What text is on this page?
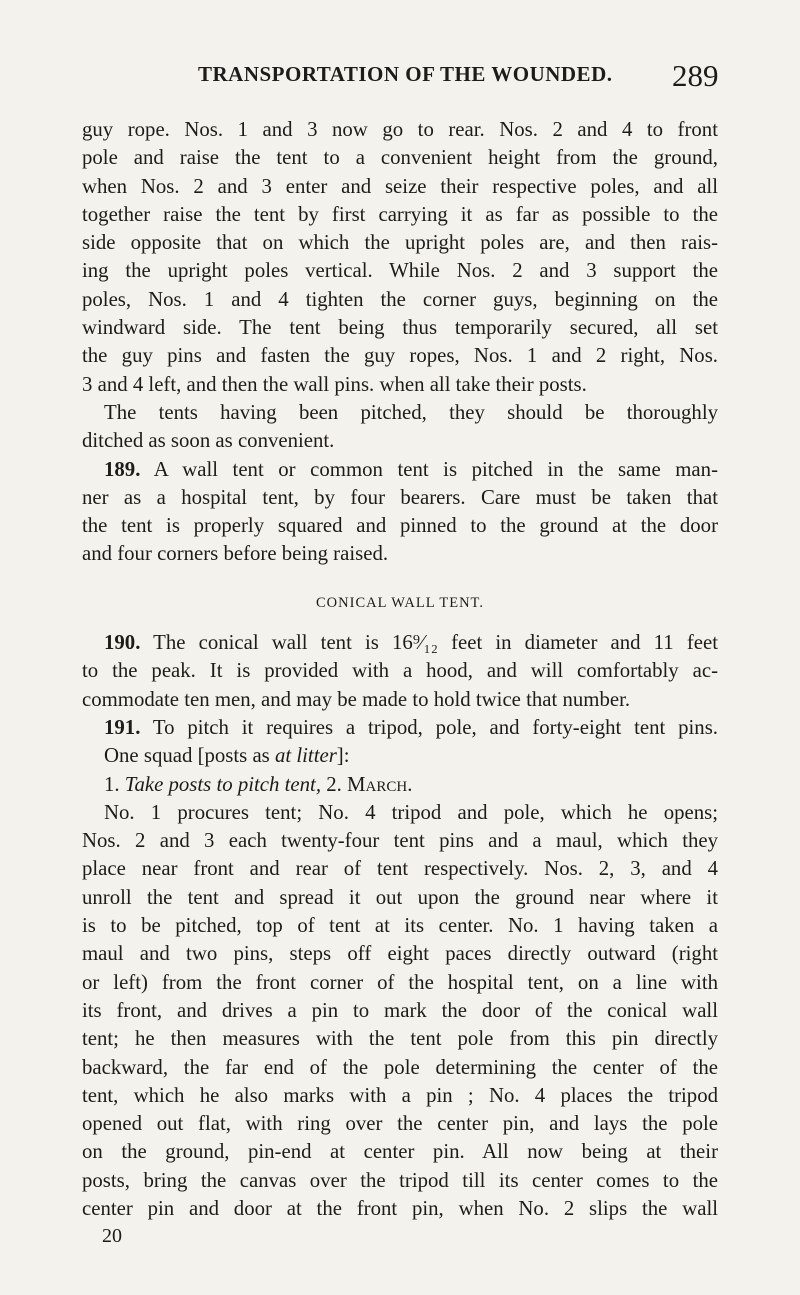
TRANSPORTATION OF THE WOUNDED. 289
guy rope. Nos. 1 and 3 now go to rear. Nos. 2 and 4 to front
pole and raise the tent to a convenient height from the ground,
when Nos. 2 and 3 enter and seize their respective poles, and all
together raise the tent by first carrying it as far as possible to the
side opposite that on which the upright poles are, and then rais-
ing the upright poles vertical. While Nos. 2 and 3 support the
poles, Nos. 1 and 4 tighten the corner guys, beginning on the
windward side. The tent being thus temporarily secured, all set
the guy pins and fasten the guy ropes, Nos. 1 and 2 right, Nos.
3 and 4 left, and then the wall pins. when all take their posts.
The tents having been pitched, they should be thoroughly
ditched as soon as convenient.
189. A wall tent or common tent is pitched in the same man-
ner as a hospital tent, by four bearers. Care must be taken that
the tent is properly squared and pinned to the ground at the door
and four corners before being raised.
CONICAL WALL TENT.
190. The conical wall tent is 16⁹⁄₁₂ feet in diameter and 11 feet
to the peak. It is provided with a hood, and will comfortably ac-
commodate ten men, and may be made to hold twice that number.
191. To pitch it requires a tripod, pole, and forty-eight tent pins.
One squad [posts as at litter]:
1. Take posts to pitch tent, 2. March.
No. 1 procures tent; No. 4 tripod and pole, which he opens;
Nos. 2 and 3 each twenty-four tent pins and a maul, which they
place near front and rear of tent respectively. Nos. 2, 3, and 4
unroll the tent and spread it out upon the ground near where it
is to be pitched, top of tent at its center. No. 1 having taken a
maul and two pins, steps off eight paces directly outward (right
or left) from the front corner of the hospital tent, on a line with
its front, and drives a pin to mark the door of the conical wall
tent; he then measures with the tent pole from this pin directly
backward, the far end of the pole determining the center of the
tent, which he also marks with a pin ; No. 4 places the tripod
opened out flat, with ring over the center pin, and lays the pole
on the ground, pin-end at center pin. All now being at their
posts, bring the canvas over the tripod till its center comes to the
center pin and door at the front pin, when No. 2 slips the wall
20
